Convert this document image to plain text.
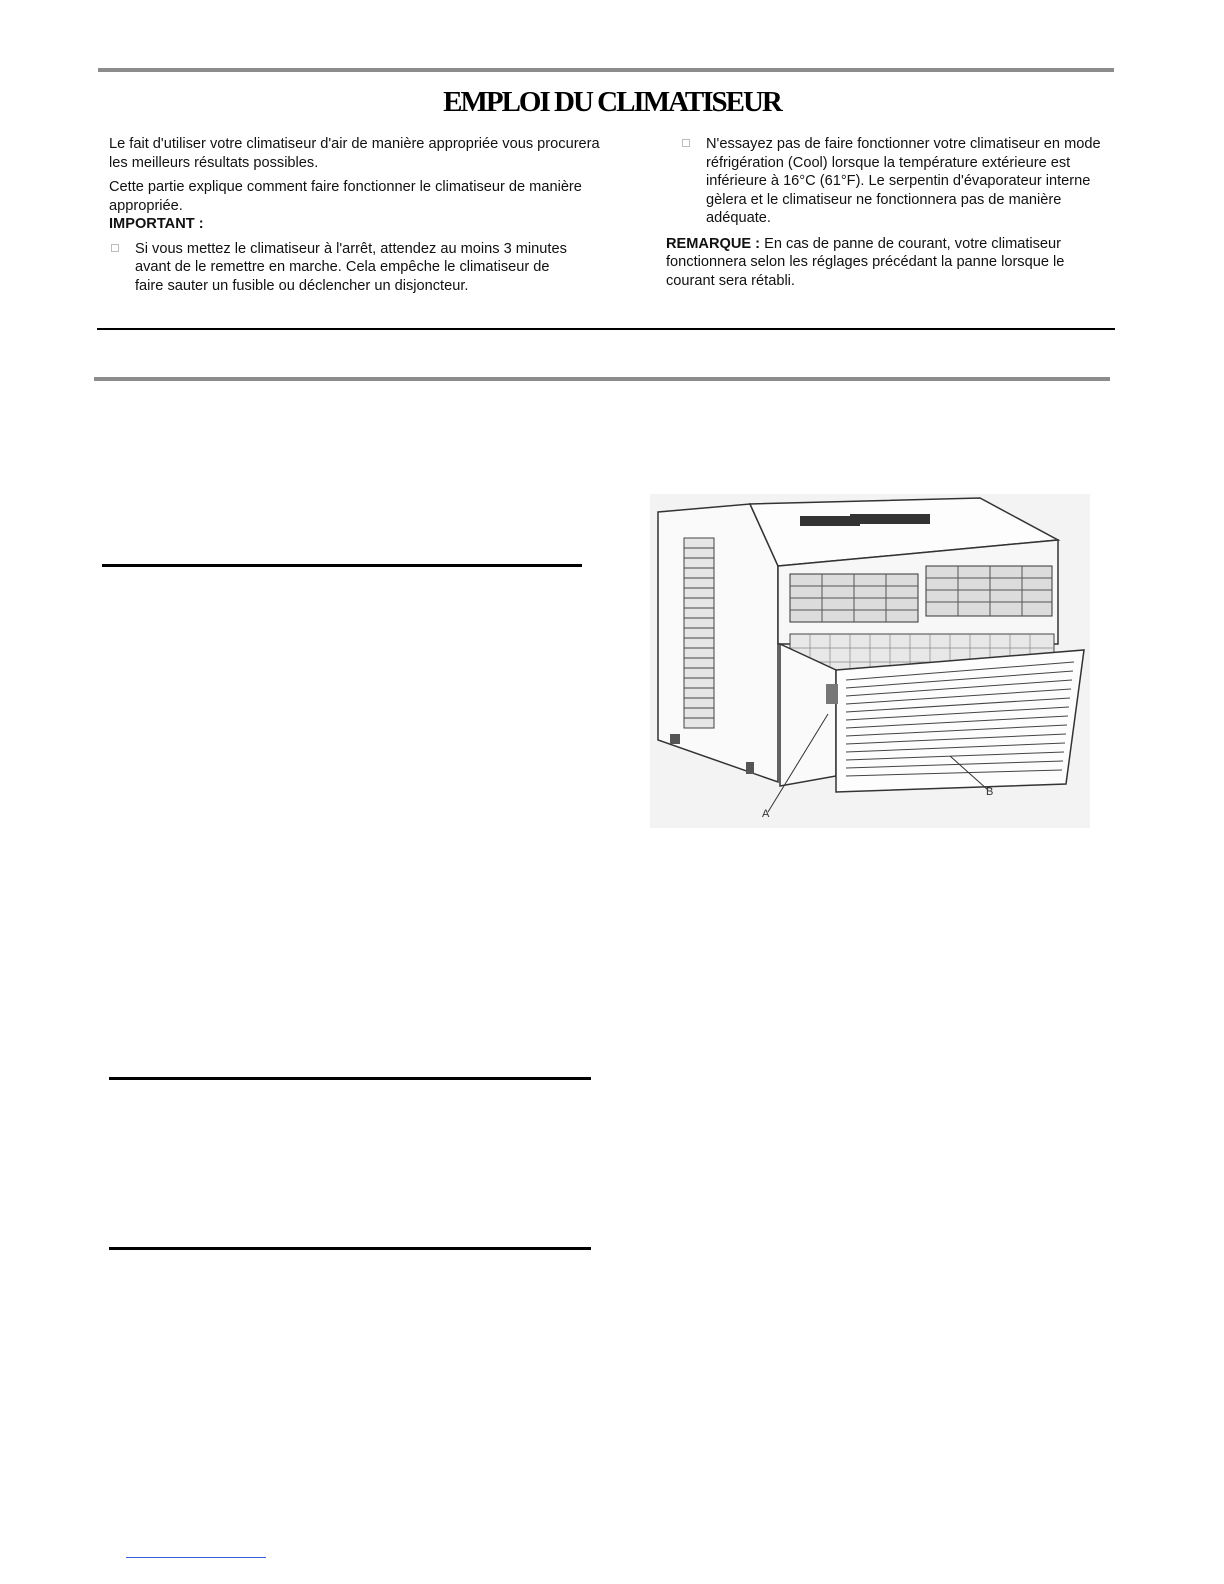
EMPLOI DU CLIMATISEUR

Le fait d'utiliser votre climatiseur d'air de manière appropriée vous procurera les meilleurs résultats possibles.

Cette partie explique comment faire fonctionner le climatiseur de manière appropriée.

IMPORTANT :
Si vous mettez le climatiseur à l'arrêt, attendez au moins 3 minutes avant de le remettre en marche. Cela empêche le climatiseur de faire sauter un fusible ou déclencher un disjoncteur.
N'essayez pas de faire fonctionner votre climatiseur en mode réfrigération (Cool) lorsque la température extérieure est inférieure à 16°C (61°F). Le serpentin d'évaporateur interne gèlera et le climatiseur ne fonctionnera pas de manière adéquate.
REMARQUE : En cas de panne de courant, votre climatiseur fonctionnera selon les réglages précédant la panne lorsque le courant sera rétabli.
A
B
